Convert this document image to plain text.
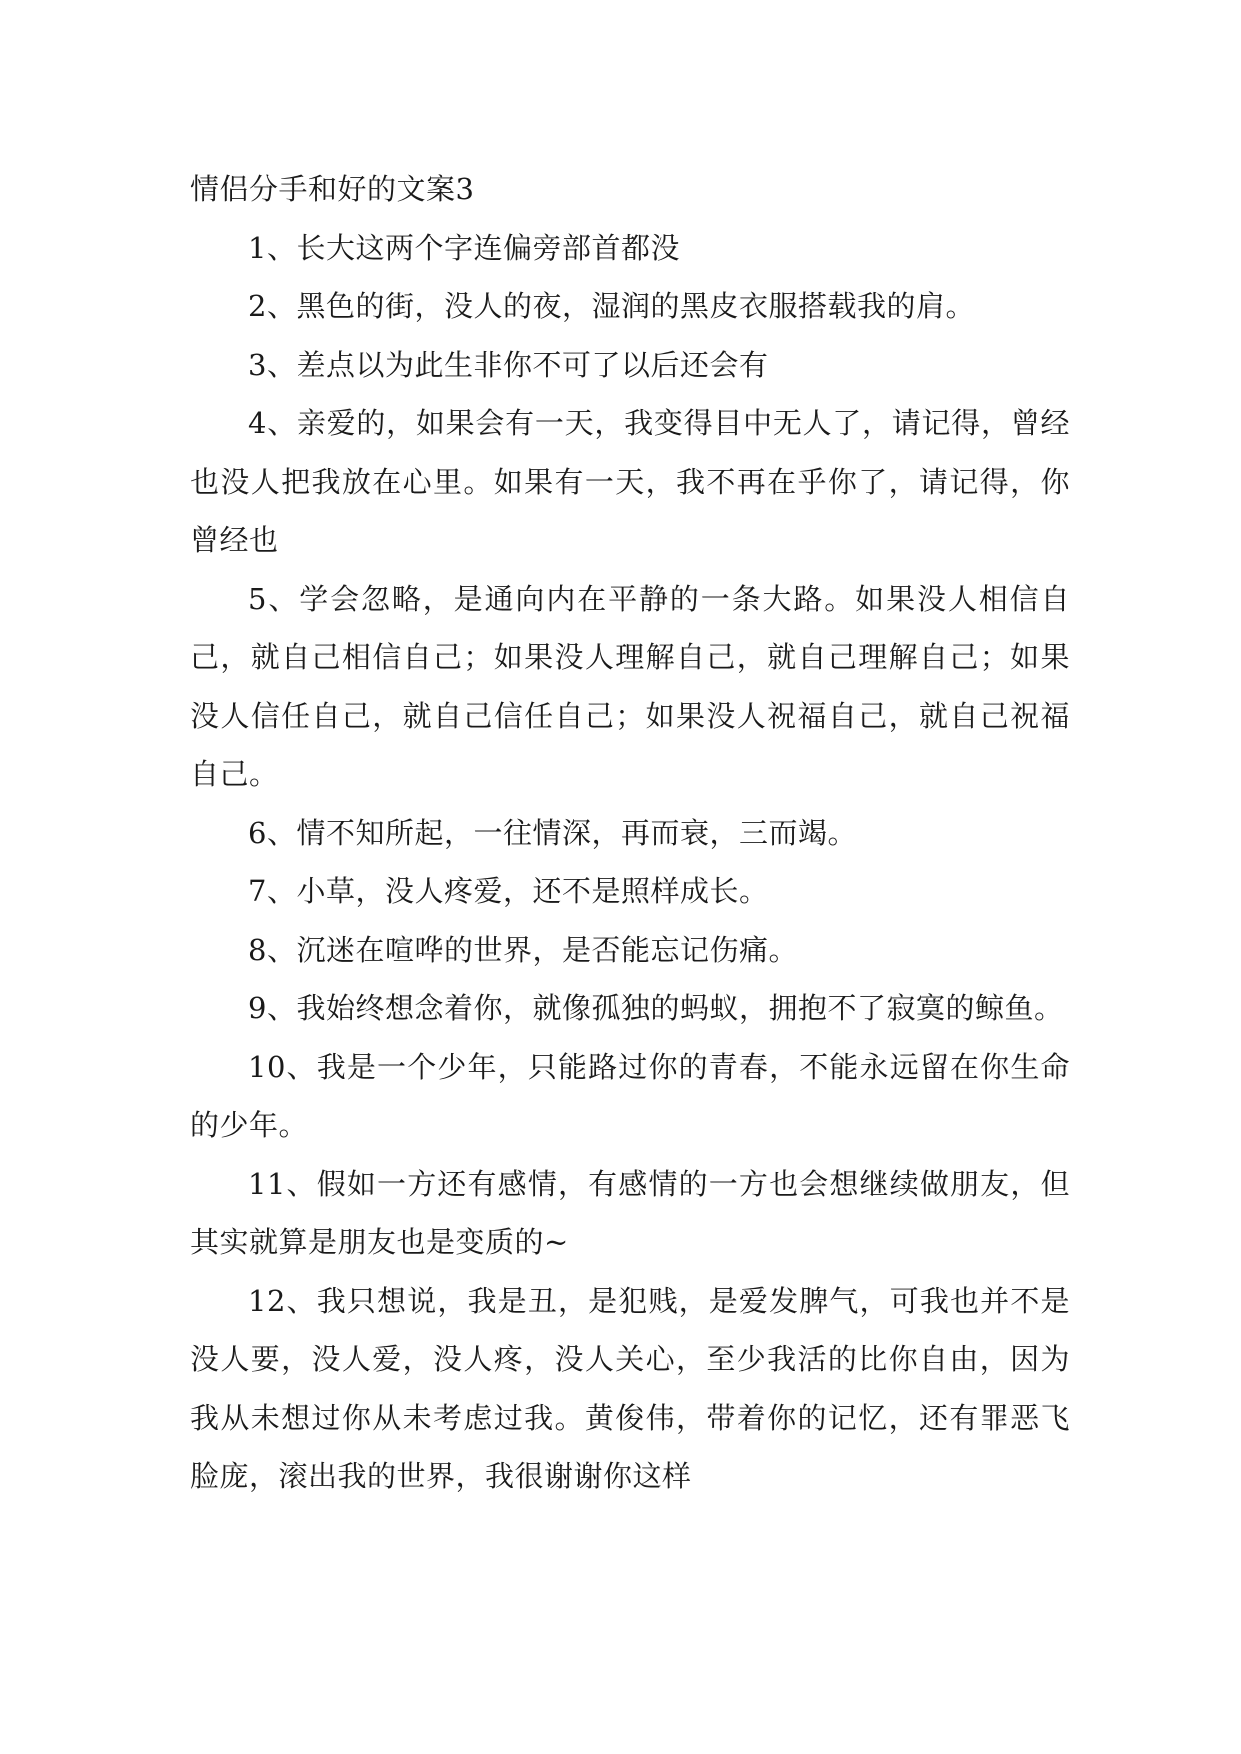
情侣分手和好的文案3

1、长大这两个字连偏旁部首都没

2、黑色的街，没人的夜，湿润的黑皮衣服搭载我的肩。

3、差点以为此生非你不可了以后还会有

4、亲爱的，如果会有一天，我变得目中无人了，请记得，曾经也没人把我放在心里。如果有一天，我不再在乎你了，请记得，你曾经也

5、学会忽略，是通向内在平静的一条大路。如果没人相信自己，就自己相信自己；如果没人理解自己，就自己理解自己；如果没人信任自己，就自己信任自己；如果没人祝福自己，就自己祝福自己。

6、情不知所起，一往情深，再而衰，三而竭。

7、小草，没人疼爱，还不是照样成长。

8、沉迷在喧哗的世界，是否能忘记伤痛。

9、我始终想念着你，就像孤独的蚂蚁，拥抱不了寂寞的鲸鱼。

10、我是一个少年，只能路过你的青春，不能永远留在你生命的少年。

11、假如一方还有感情，有感情的一方也会想继续做朋友，但其实就算是朋友也是变质的~

12、我只想说，我是丑，是犯贱，是爱发脾气，可我也并不是没人要，没人爱，没人疼，没人关心，至少我活的比你自由，因为我从未想过你从未考虑过我。黄俊伟，带着你的记忆，还有罪恶飞脸庞，滚出我的世界，我很谢谢你这样
